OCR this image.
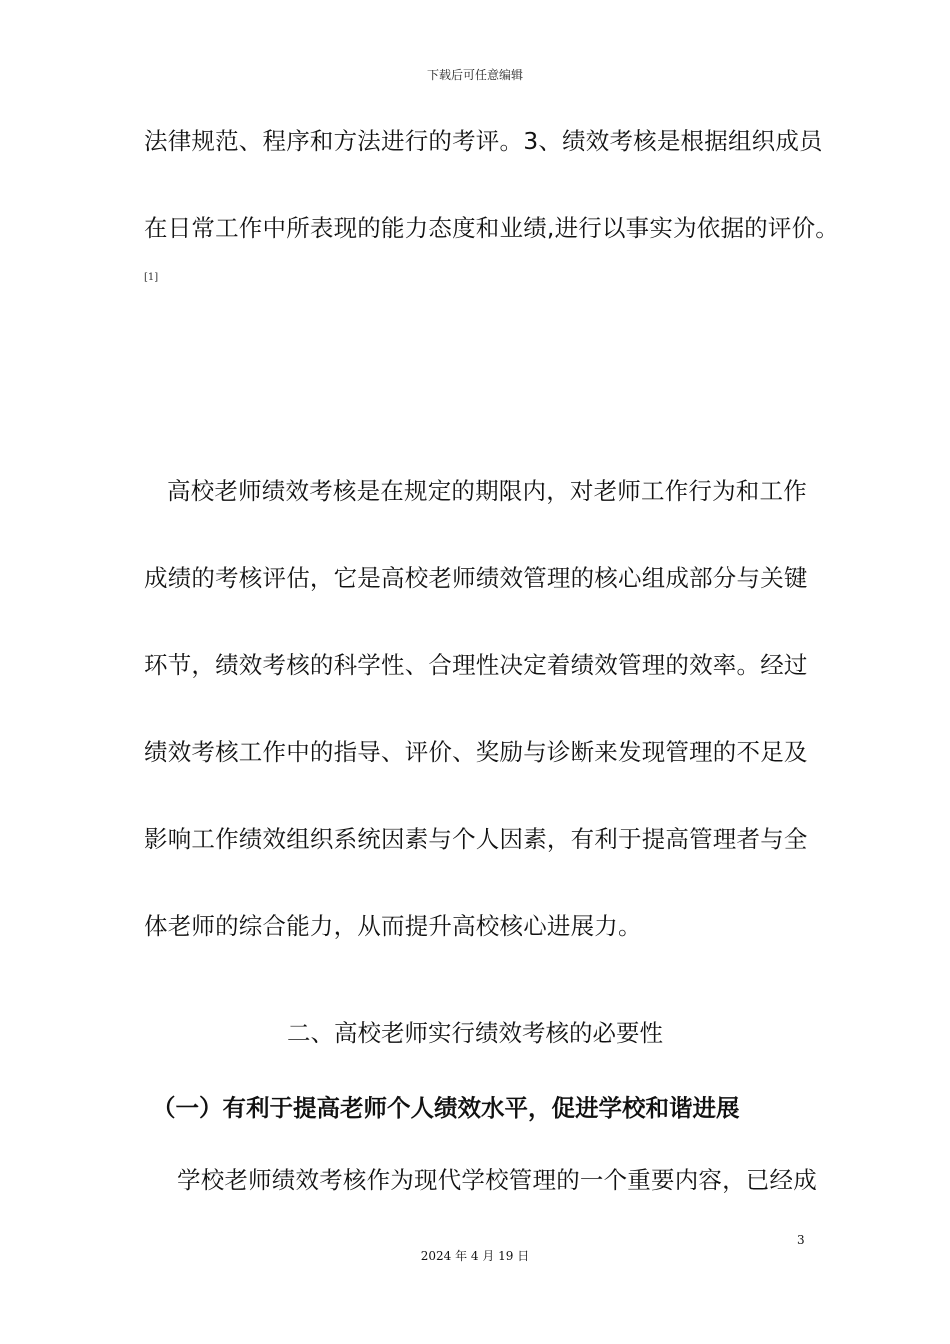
下载后可任意编辑
法律规范、程序和方法进行的考评。3、绩效考核是根据组织成员
在日常工作中所表现的能力态度和业绩,进行以事实为依据的评价。
[1]
高校老师绩效考核是在规定的期限内，对老师工作行为和工作
成绩的考核评估，它是高校老师绩效管理的核心组成部分与关键
环节，绩效考核的科学性、合理性决定着绩效管理的效率。经过
绩效考核工作中的指导、评价、奖励与诊断来发现管理的不足及
影响工作绩效组织系统因素与个人因素，有利于提高管理者与全
体老师的综合能力，从而提升高校核心进展力。
二、高校老师实行绩效考核的必要性
（一）有利于提高老师个人绩效水平，促进学校和谐进展
学校老师绩效考核作为现代学校管理的一个重要内容，已经成
3
2024 年 4 月 19 日
